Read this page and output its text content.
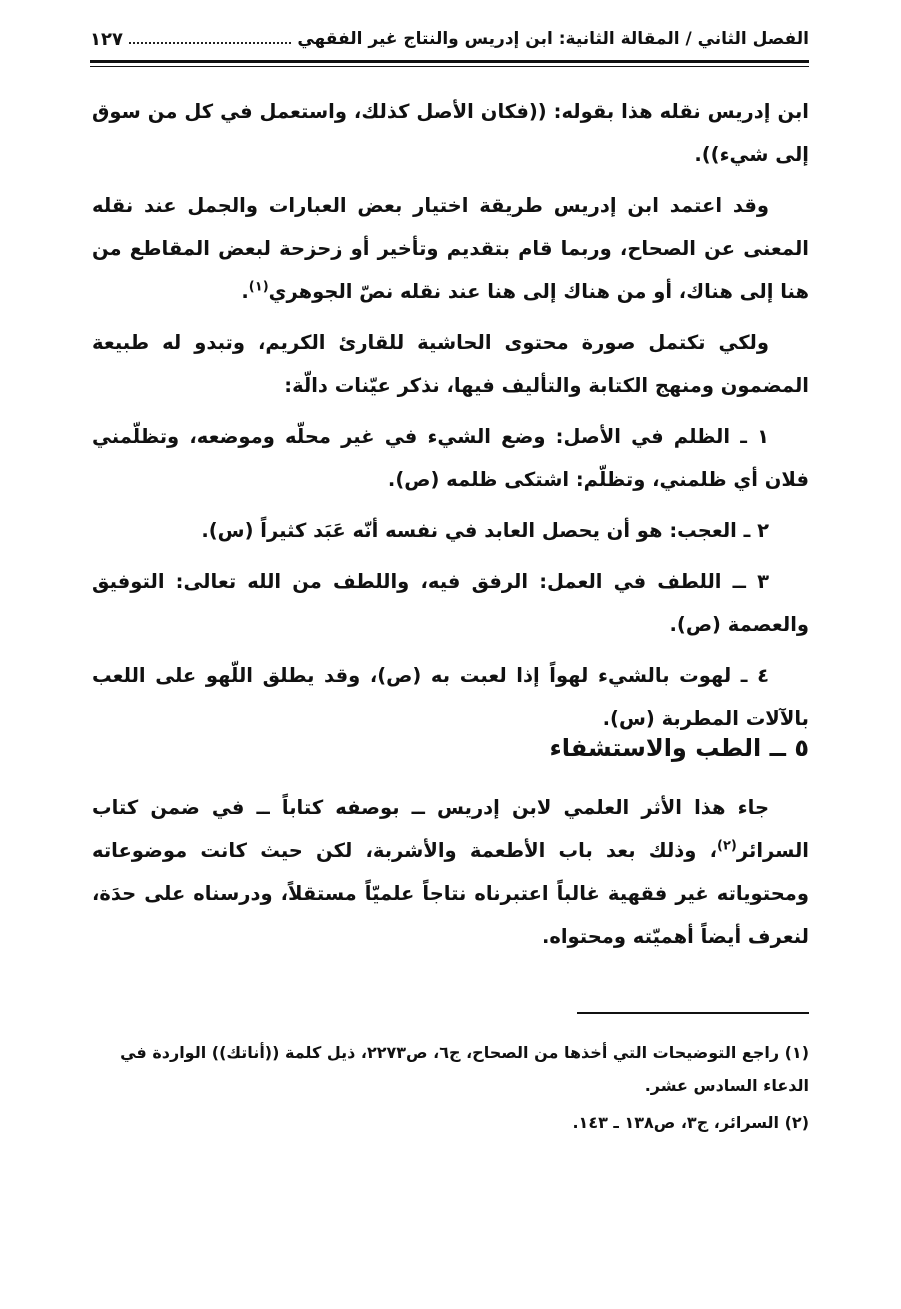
الفصل الثاني / المقالة الثانية: ابن إدريس والنتاج غير الفقهي
١٢٧

ابن إدريس نقله هذا بقوله: ((فكان الأصل كذلك، واستعمل في كل من سوق إلى شيء)).

وقد اعتمد ابن إدريس طريقة اختيار بعض العبارات والجمل عند نقله المعنى عن الصحاح، وربما قام بتقديم وتأخير أو زحزحة لبعض المقاطع من هنا إلى هناك، أو من هناك إلى هنا عند نقله نصّ الجوهري$^{(١)}$.

ولكي تكتمل صورة محتوى الحاشية للقارئ الكريم، وتبدو له طبيعة المضمون ومنهج الكتابة والتأليف فيها، نذكر عيّنات دالّة:

١ ـ الظلم في الأصل: وضع الشيء في غير محلّه وموضعه، وتظلّمني فلان أي ظلمني، وتظلّم: اشتكى ظلمه (ص).

٢ ـ العجب: هو أن يحصل العابد في نفسه أنّه عَبَد كثيراً (س).

٣ ــ اللطف في العمل: الرفق فيه، واللطف من الله تعالى: التوفيق والعصمة (ص).

٤ ـ لهوت بالشيء لهواً إذا لعبت به (ص)، وقد يطلق اللّهو على اللعب بالآلات المطربة (س).

٥ ــ الطب والاستشفاء

جاء هذا الأثر العلمي لابن إدريس ــ بوصفه كتاباً ــ في ضمن كتاب السرائر$^{(٢)}$، وذلك بعد باب الأطعمة والأشربة، لكن حيث كانت موضوعاته ومحتوياته غير فقهية غالباً اعتبرناه نتاجاً علميّاً مستقلاً، ودرسناه على حدَة، لنعرف أيضاً أهميّته ومحتواه.

(١) راجع التوضيحات التي أخذها من الصحاح، ج٦، ص٢٢٧٣، ذيل كلمة ((أناتك)) الواردة في الدعاء السادس عشر.

(٢) السرائر، ج٣، ص١٣٨ ـ ١٤٣.
